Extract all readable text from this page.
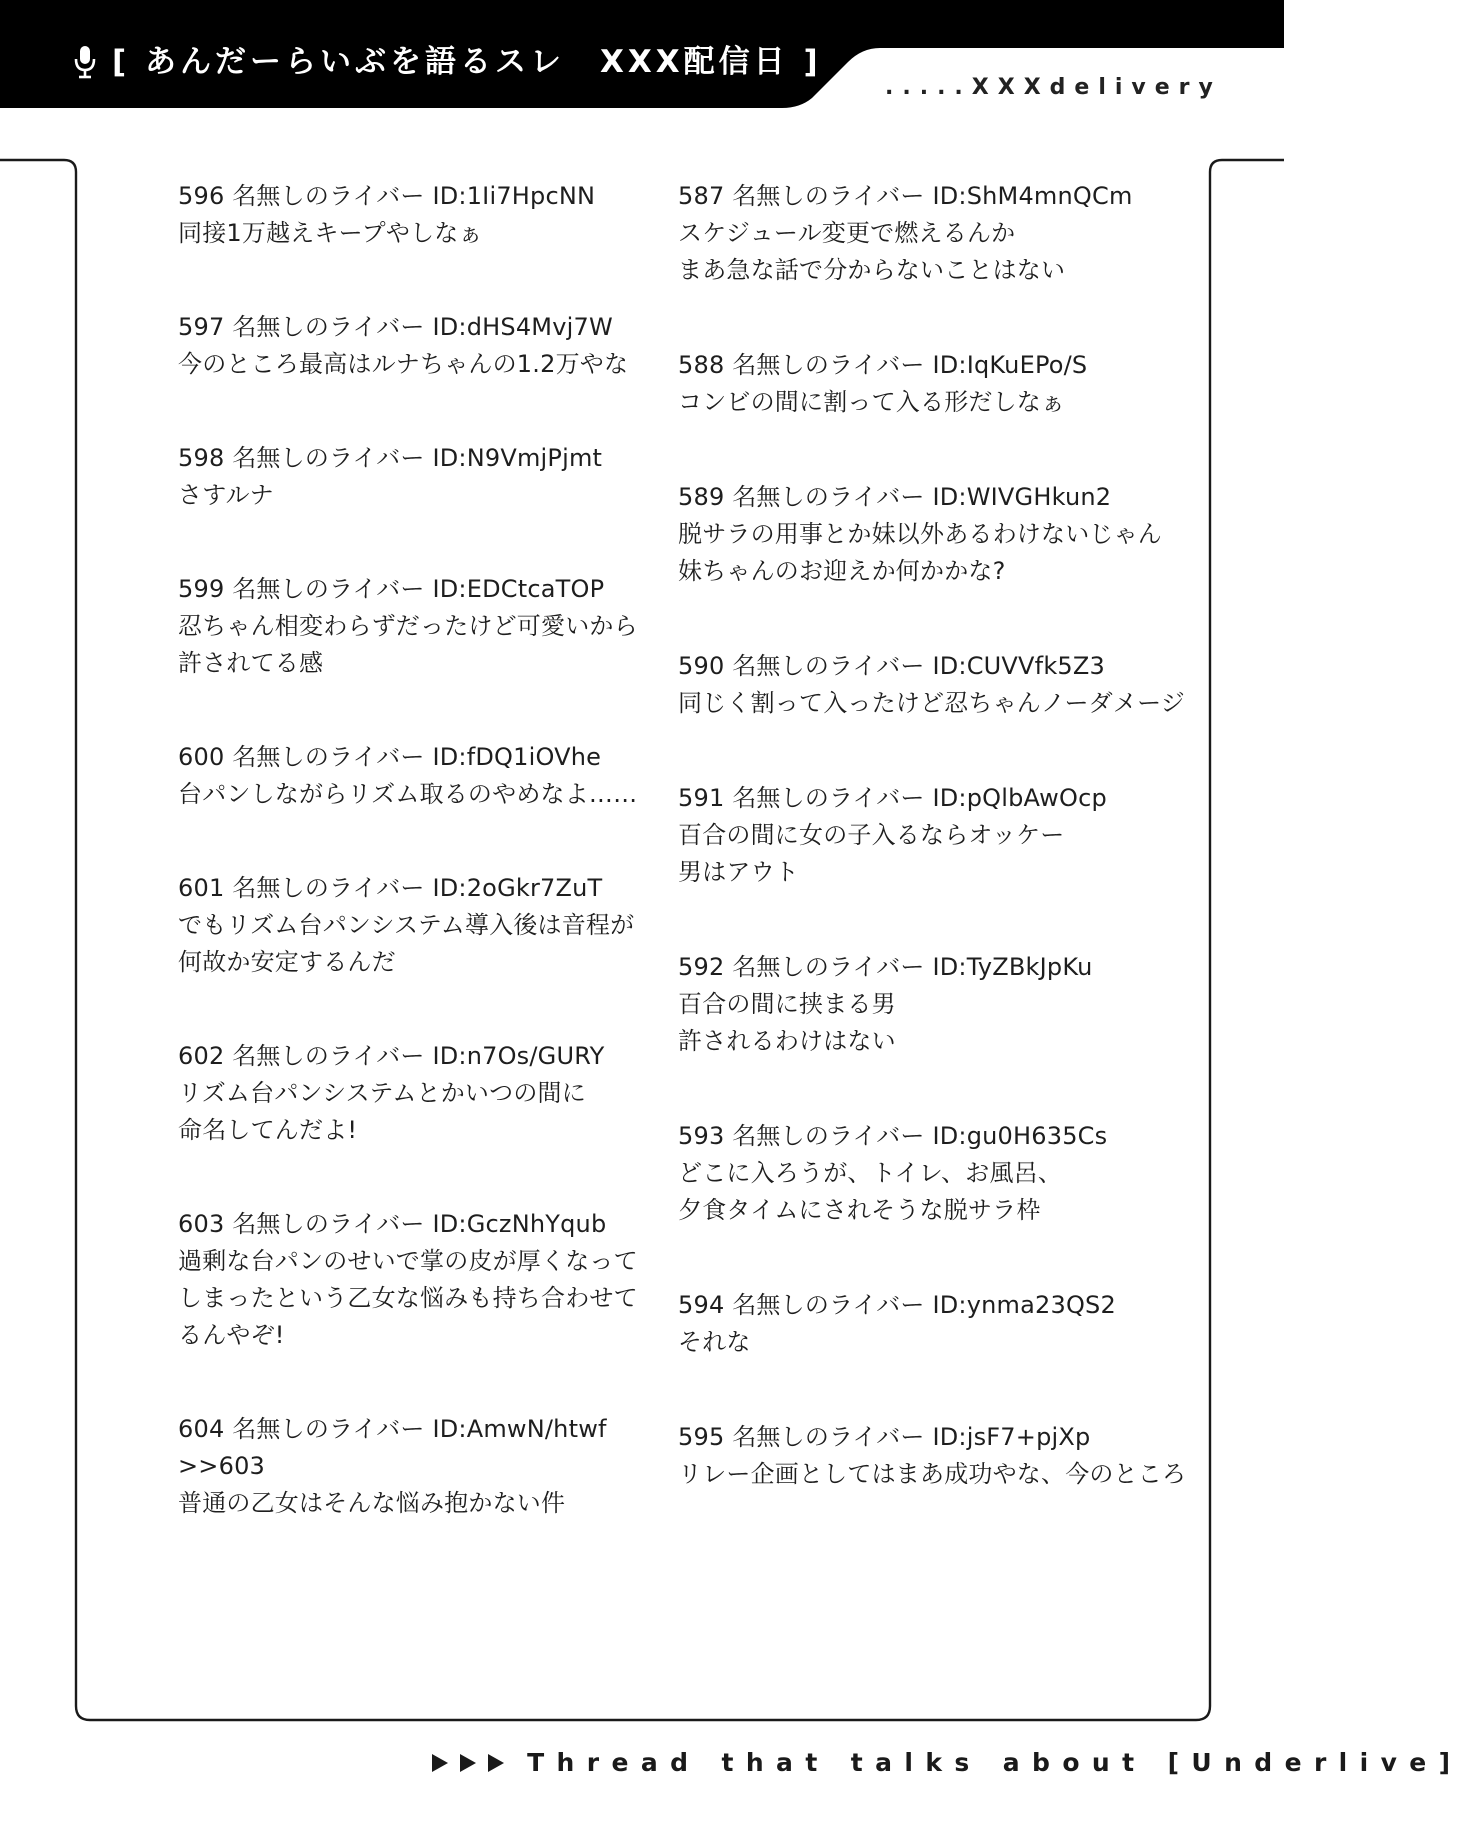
[ あんだーらいぶを語るスレ　XXX配信日 ]
.....XXXdelivery
596 名無しのライバー ID:1Ii7HpcNN
同接1万越えキープやしなぁ
597 名無しのライバー ID:dHS4Mvj7W
今のところ最高はルナちゃんの1.2万やな
598 名無しのライバー ID:N9VmjPjmt
さすルナ
599 名無しのライバー ID:EDCtcaTOP
忍ちゃん相変わらずだったけど可愛いから
許されてる感
600 名無しのライバー ID:fDQ1iOVhe
台パンしながらリズム取るのやめなよ……
601 名無しのライバー ID:2oGkr7ZuT
でもリズム台パンシステム導入後は音程が
何故か安定するんだ
602 名無しのライバー ID:n7Os/GURY
リズム台パンシステムとかいつの間に
命名してんだよ!
603 名無しのライバー ID:GczNhYqub
過剰な台パンのせいで掌の皮が厚くなって
しまったという乙女な悩みも持ち合わせて
るんやぞ!
604 名無しのライバー ID:AmwN/htwf
>>603
普通の乙女はそんな悩み抱かない件
587 名無しのライバー ID:ShM4mnQCm
スケジュール変更で燃えるんか
まあ急な話で分からないことはない
588 名無しのライバー ID:IqKuEPo/S
コンビの間に割って入る形だしなぁ
589 名無しのライバー ID:WIVGHkun2
脱サラの用事とか妹以外あるわけないじゃん
妹ちゃんのお迎えか何かかな?
590 名無しのライバー ID:CUVVfk5Z3
同じく割って入ったけど忍ちゃんノーダメージ
591 名無しのライバー ID:pQlbAwOcp
百合の間に女の子入るならオッケー
男はアウト
592 名無しのライバー ID:TyZBkJpKu
百合の間に挟まる男
許されるわけはない
593 名無しのライバー ID:gu0H635Cs
どこに入ろうが、トイレ、お風呂、
夕食タイムにされそうな脱サラ枠
594 名無しのライバー ID:ynma23QS2
それな
595 名無しのライバー ID:jsF7+pjXp
リレー企画としてはまあ成功やな、今のところ
Thread that talks about [Underlive]
